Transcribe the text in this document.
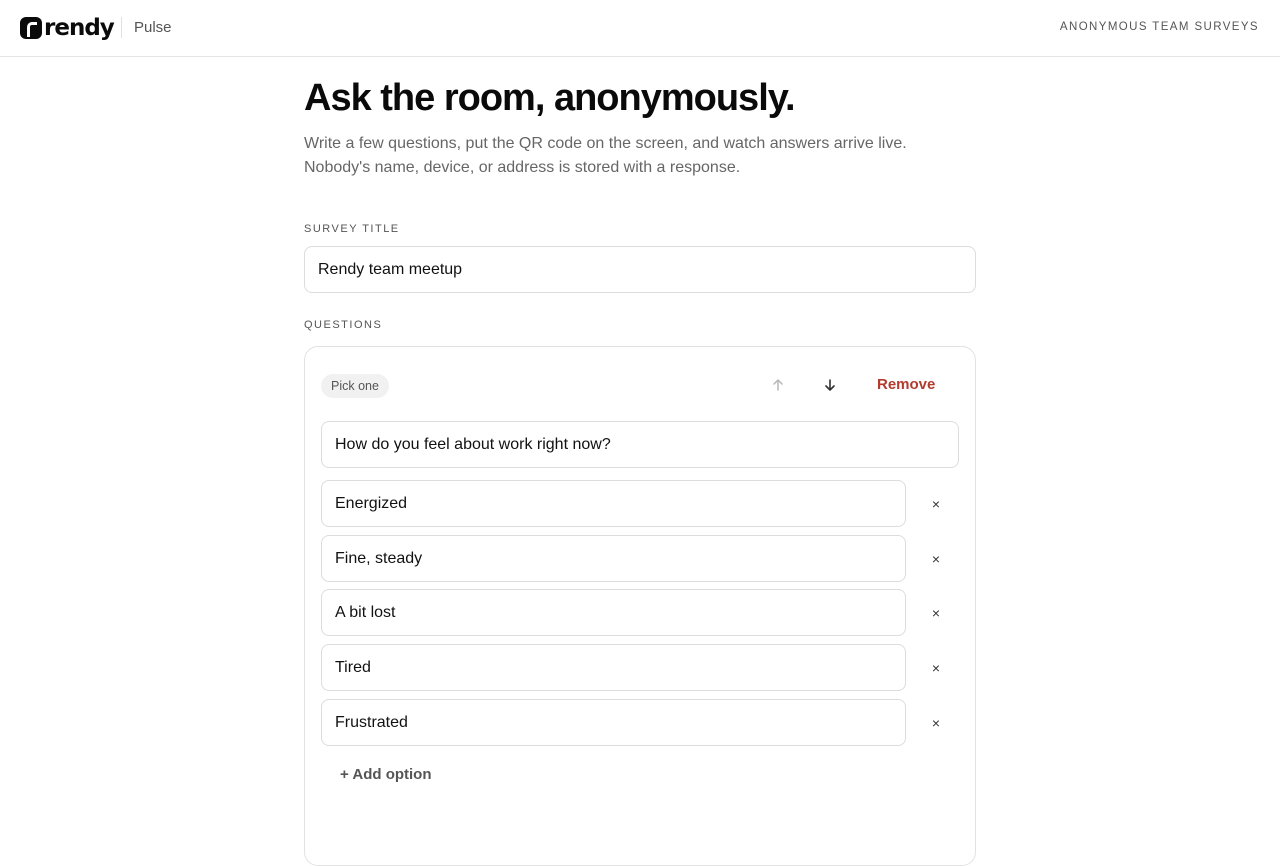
rendy Pulse	ANONYMOUS TEAM SURVEYS
Ask the room, anonymously.

Write a few questions, put the QR code on the screen, and watch answers arrive live. Nobody's name, device, or address is stored with a response.

SURVEY TITLE
Rendy team meetup
QUESTIONS
Pick one	Remove
How do you feel about work right now?
Energized	×
Fine, steady	×
A bit lost	×
Tired	×
Frustrated	×
+ Add option
